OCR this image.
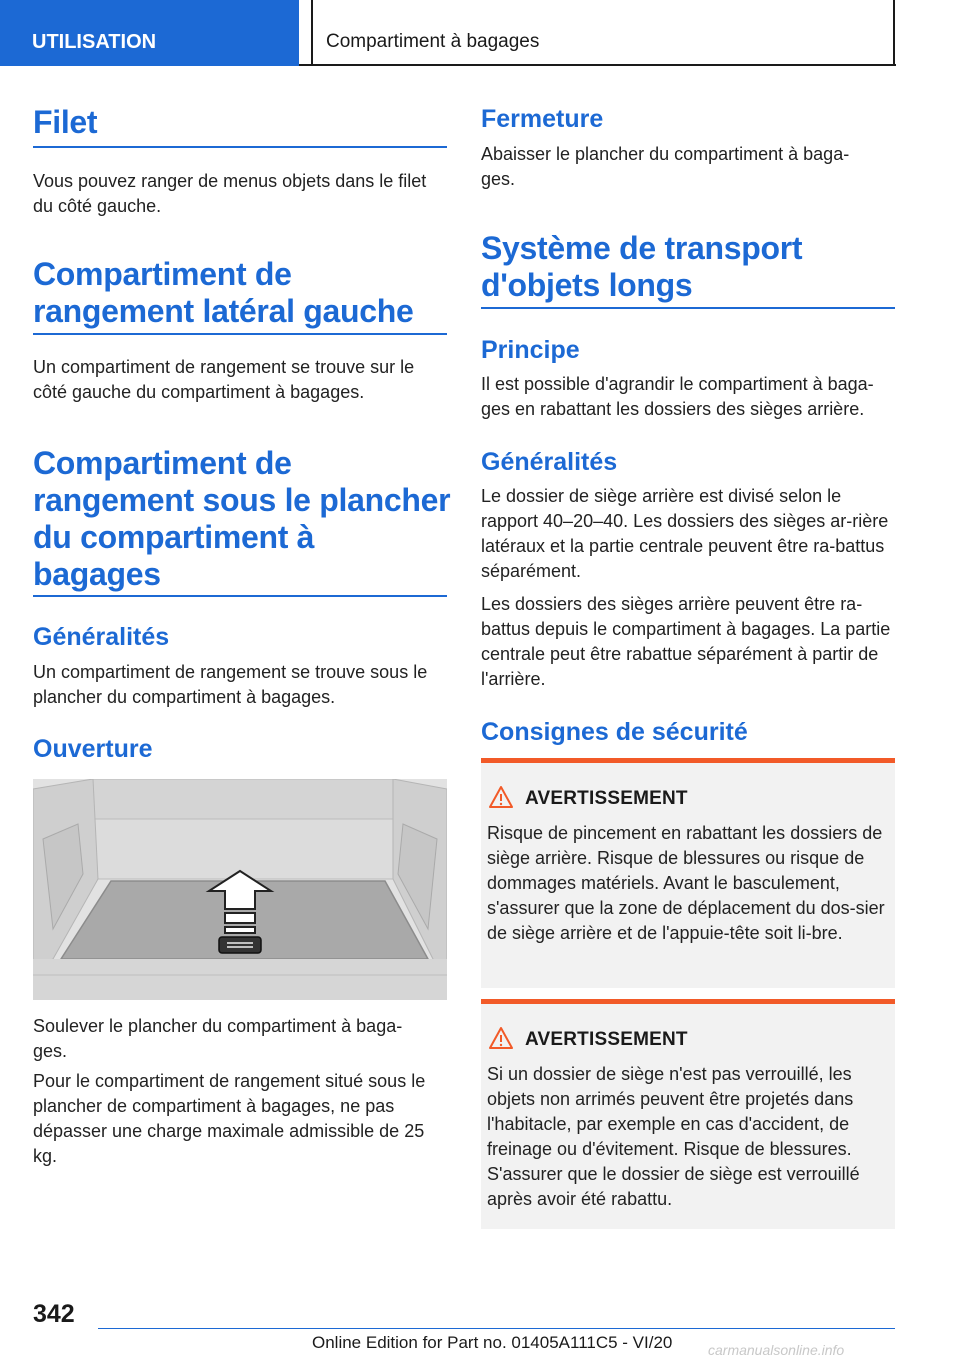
UTILISATION	Compartiment à bagages
Filet
Vous pouvez ranger de menus objets dans le filet du côté gauche.
Compartiment de
rangement latéral gauche
Un compartiment de rangement se trouve sur le côté gauche du compartiment à bagages.
Compartiment de
rangement sous le plancher
du compartiment à
bagages
Généralités
Un compartiment de rangement se trouve sous le plancher du compartiment à bagages.
Ouverture
Soulever le plancher du compartiment à baga-ges.
Pour le compartiment de rangement situé sous le plancher de compartiment à bagages, ne pas dépasser une charge maximale admissible de 25 kg.
Fermeture
Abaisser le plancher du compartiment à baga-ges.
Système de transport
d'objets longs
Principe
Il est possible d'agrandir le compartiment à baga-ges en rabattant les dossiers des sièges arrière.
Généralités
Le dossier de siège arrière est divisé selon le rapport 40–20–40. Les dossiers des sièges ar-rière latéraux et la partie centrale peuvent être ra-battus séparément.
Les dossiers des sièges arrière peuvent être ra-battus depuis le compartiment à bagages. La partie centrale peut être rabattue séparément à partir de l'arrière.
Consignes de sécurité
AVERTISSEMENT
Risque de pincement en rabattant les dossiers de siège arrière. Risque de blessures ou risque de dommages matériels. Avant le basculement, s'assurer que la zone de déplacement du dos-sier de siège arrière et de l'appuie-tête soit li-bre.
AVERTISSEMENT
Si un dossier de siège n'est pas verrouillé, les objets non arrimés peuvent être projetés dans l'habitacle, par exemple en cas d'accident, de freinage ou d'évitement. Risque de blessures. S'assurer que le dossier de siège est verrouillé après avoir été rabattu.
342
Online Edition for Part no. 01405A111C5 - VI/20	carmanualsonline.info
